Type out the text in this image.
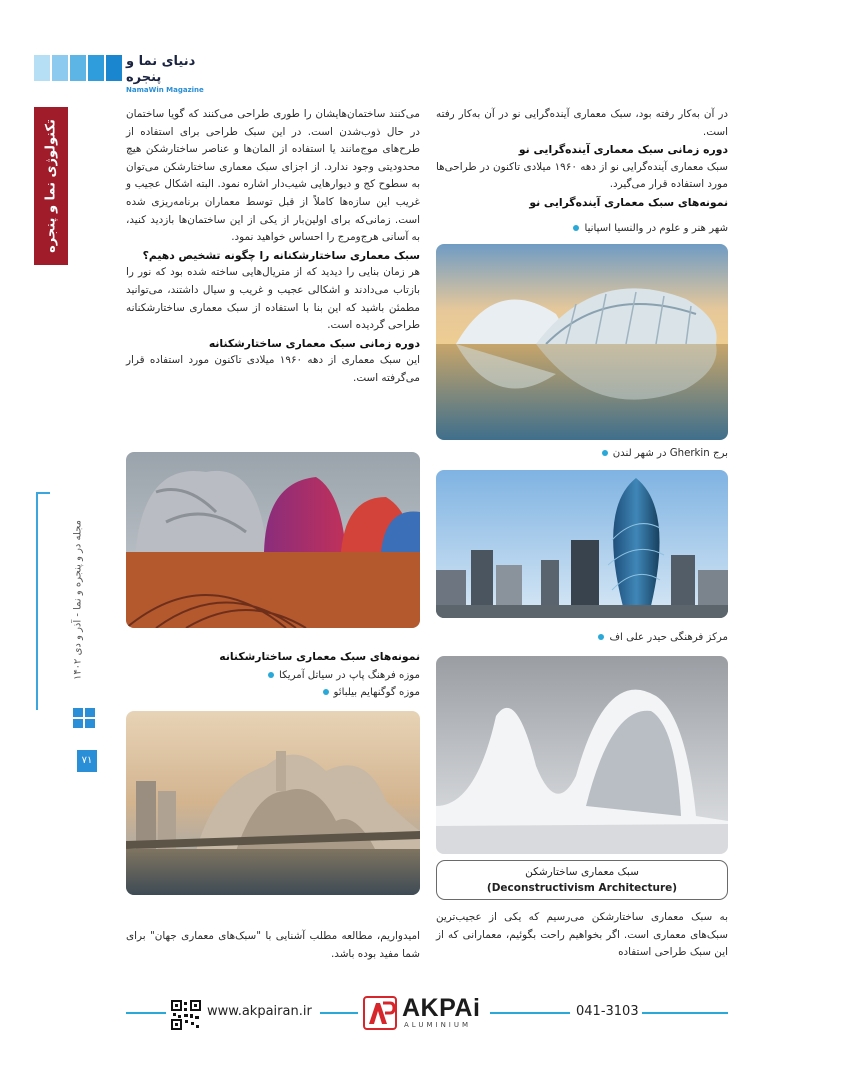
دنیای نما و پنجره
NamaWin Magazine
تکنولوژی نما و پنجره
مجله در و پنجره و نما - آذر و دی ۱۴۰۲
۷۱

در آن به‌کار رفته بود، سبک معماری آینده‌گرایی نو در آن به‌کار رفته است.

دوره زمانی سبک معماری آینده‌گرایی نو

سبک معماری آینده‌گرایی نو از دهه ۱۹۶۰ میلادی تاکنون در طراحی‌ها مورد استفاده قرار می‌گیرد.

نمونه‌های سبک معماری آینده‌گرایی نو

شهر هنر و علوم در والنسیا اسپانیا
برج Gherkin در شهر لندن
مرکز فرهنگی حیدر علی اف
سبک معماری ساختارشکن
(Deconstructivism Architecture)

به سبک معماری ساختارشکن می‌رسیم که یکی از عجیب‌ترین سبک‌های معماری است. اگر بخواهیم راحت بگوئیم، معمارانی که از این سبک طراحی استفاده

می‌کنند ساختمان‌هایشان را طوری طراحی می‌کنند که گویا ساختمان در حال ذوب‌شدن است. در این سبک طراحی برای استفاده از طرح‌های موج‌مانند یا استفاده از المان‌ها و عناصر ساختارشکن هیچ محدودیتی وجود ندارد. از اجزای سبک معماری ساختارشکن می‌توان به سطوح کج و دیوارهایی شیب‌دار اشاره نمود. البته اشکال عجیب و غریب این سازه‌ها کاملاً از قبل توسط معماران برنامه‌ریزی شده است. زمانی‌که برای اولین‌بار از یکی از این ساختمان‌ها بازدید کنید، به آسانی هرج‌ومرج را احساس خواهید نمود.

سبک معماری ساختارشکنانه را چگونه تشخیص دهیم؟

هر زمان بنایی را دیدید که از متریال‌هایی ساخته شده بود که نور را بازتاب می‌دادند و اشکالی عجیب و غریب و سیال داشتند، می‌توانید مطمئن باشید که این بنا با استفاده از سبک معماری ساختارشکنانه طراحی گردیده است.

دوره زمانی سبک معماری ساختارشکنانه

این سبک معماری از دهه ۱۹۶۰ میلادی تاکنون مورد استفاده قرار می‌گرفته است.

نمونه‌های سبک معماری ساختارشکنانه

موزه فرهنگ پاپ در سیاتل آمریکا
موزه گوگنهایم بیلبائو

امیدواریم، مطالعه مطلب آشنایی با "سبک‌های معماری جهان" برای شما مفید بوده باشد.

www.akpairan.ir	AKPAi
ALUMINIUM
041-3103
